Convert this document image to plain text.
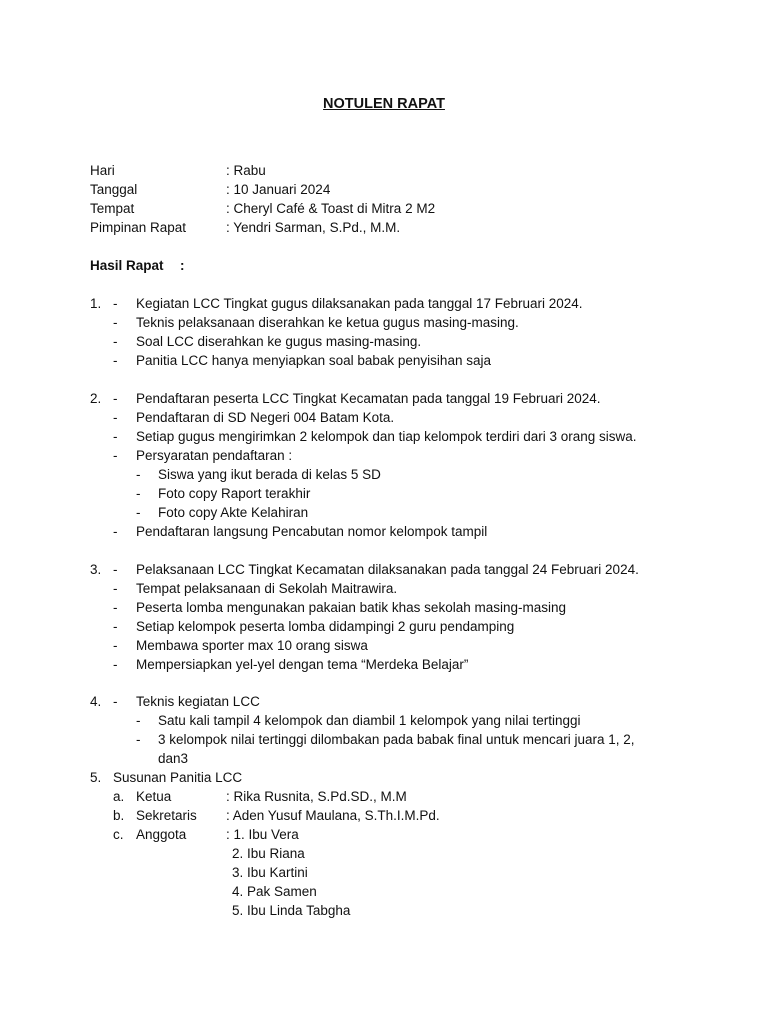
NOTULEN RAPAT
Hari	: Rabu
Tanggal	: 10 Januari 2024
Tempat	: Cheryl Café & Toast di Mitra 2 M2
Pimpinan Rapat	: Yendri Sarman, S.Pd., M.M.
Hasil Rapat :
1. - Kegiatan LCC Tingkat gugus dilaksanakan pada tanggal 17 Februari 2024.
- Teknis pelaksanaan diserahkan ke ketua gugus masing-masing.
- Soal LCC diserahkan ke gugus masing-masing.
- Panitia LCC hanya menyiapkan soal babak penyisihan saja
2. - Pendaftaran peserta LCC Tingkat Kecamatan pada tanggal 19 Februari 2024.
- Pendaftaran di SD Negeri 004 Batam Kota.
- Setiap gugus mengirimkan 2 kelompok dan tiap kelompok terdiri dari 3 orang siswa.
- Persyaratan pendaftaran :
- Siswa yang ikut berada di kelas 5 SD
- Foto copy Raport terakhir
- Foto copy Akte Kelahiran
- Pendaftaran langsung Pencabutan nomor kelompok tampil
3. - Pelaksanaan LCC Tingkat Kecamatan dilaksanakan pada tanggal 24 Februari 2024.
- Tempat pelaksanaan di Sekolah Maitrawira.
- Peserta lomba mengunakan pakaian batik khas sekolah masing-masing
- Setiap kelompok peserta lomba didampingi 2 guru pendamping
- Membawa sporter max 10 orang siswa
- Mempersiapkan yel-yel dengan tema “Merdeka Belajar”
4. - Teknis kegiatan LCC
- Satu kali tampil 4 kelompok dan diambil 1 kelompok yang nilai tertinggi
- 3 kelompok nilai tertinggi dilombakan pada babak final untuk mencari juara 1, 2,
dan3
5. Susunan Panitia LCC
a. Ketua	: Rika Rusnita, S.Pd.SD., M.M
b. Sekretaris : Aden Yusuf Maulana, S.Th.I.M.Pd.
c. Anggota	: 1. Ibu Vera
2. Ibu Riana
3. Ibu Kartini
4. Pak Samen
5. Ibu Linda Tabgha
